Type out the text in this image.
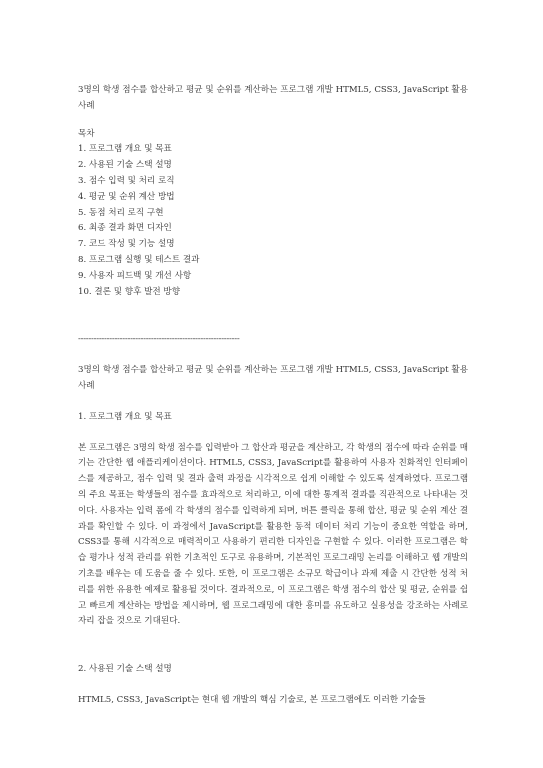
3명의 학생 점수를 합산하고 평균 및 순위를 계산하는 프로그램 개발 HTML5, CSS3, JavaScript 활용 사례

목차

1. 프로그램 개요 및 목표
2. 사용된 기술 스택 설명
3. 점수 입력 및 처리 로직
4. 평균 및 순위 계산 방법
5. 동점 처리 로직 구현
6. 최종 결과 화면 디자인
7. 코드 작성 및 기능 설명
8. 프로그램 실행 및 테스트 결과
9. 사용자 피드백 및 개선 사항
10. 결론 및 향후 발전 방향

--------------------------------------------------------------

3명의 학생 점수를 합산하고 평균 및 순위를 계산하는 프로그램 개발 HTML5, CSS3, JavaScript 활용 사례

1. 프로그램 개요 및 목표

본 프로그램은 3명의 학생 점수를 입력받아 그 합산과 평균을 계산하고, 각 학생의 점수에 따라 순위를 매기는 간단한 웹 애플리케이션이다. HTML5, CSS3, JavaScript를 활용하여 사용자 친화적인 인터페이스를 제공하고, 점수 입력 및 결과 출력 과정을 시각적으로 쉽게 이해할 수 있도록 설계하였다. 프로그램의 주요 목표는 학생들의 점수를 효과적으로 처리하고, 이에 대한 통계적 결과를 직관적으로 나타내는 것이다. 사용자는 입력 폼에 각 학생의 점수를 입력하게 되며, 버튼 클릭을 통해 합산, 평균 및 순위 계산 결과를 확인할 수 있다. 이 과정에서 JavaScript를 활용한 동적 데이터 처리 기능이 중요한 역할을 하며, CSS3를 통해 시각적으로 매력적이고 사용하기 편리한 디자인을 구현할 수 있다. 이러한 프로그램은 학습 평가나 성적 관리를 위한 기초적인 도구로 유용하며, 기본적인 프로그래밍 논리를 이해하고 웹 개발의 기초를 배우는 데 도움을 줄 수 있다. 또한, 이 프로그램은 소규모 학급이나 과제 제출 시 간단한 성적 처리를 위한 유용한 예제로 활용될 것이다. 결과적으로, 이 프로그램은 학생 점수의 합산 및 평균, 순위를 쉽고 빠르게 계산하는 방법을 제시하며, 웹 프로그래밍에 대한 흥미를 유도하고 실용성을 강조하는 사례로 자리 잡을 것으로 기대된다.

2. 사용된 기술 스택 설명

HTML5, CSS3, JavaScript는 현대 웹 개발의 핵심 기술로, 본 프로그램에도 이러한 기술들
